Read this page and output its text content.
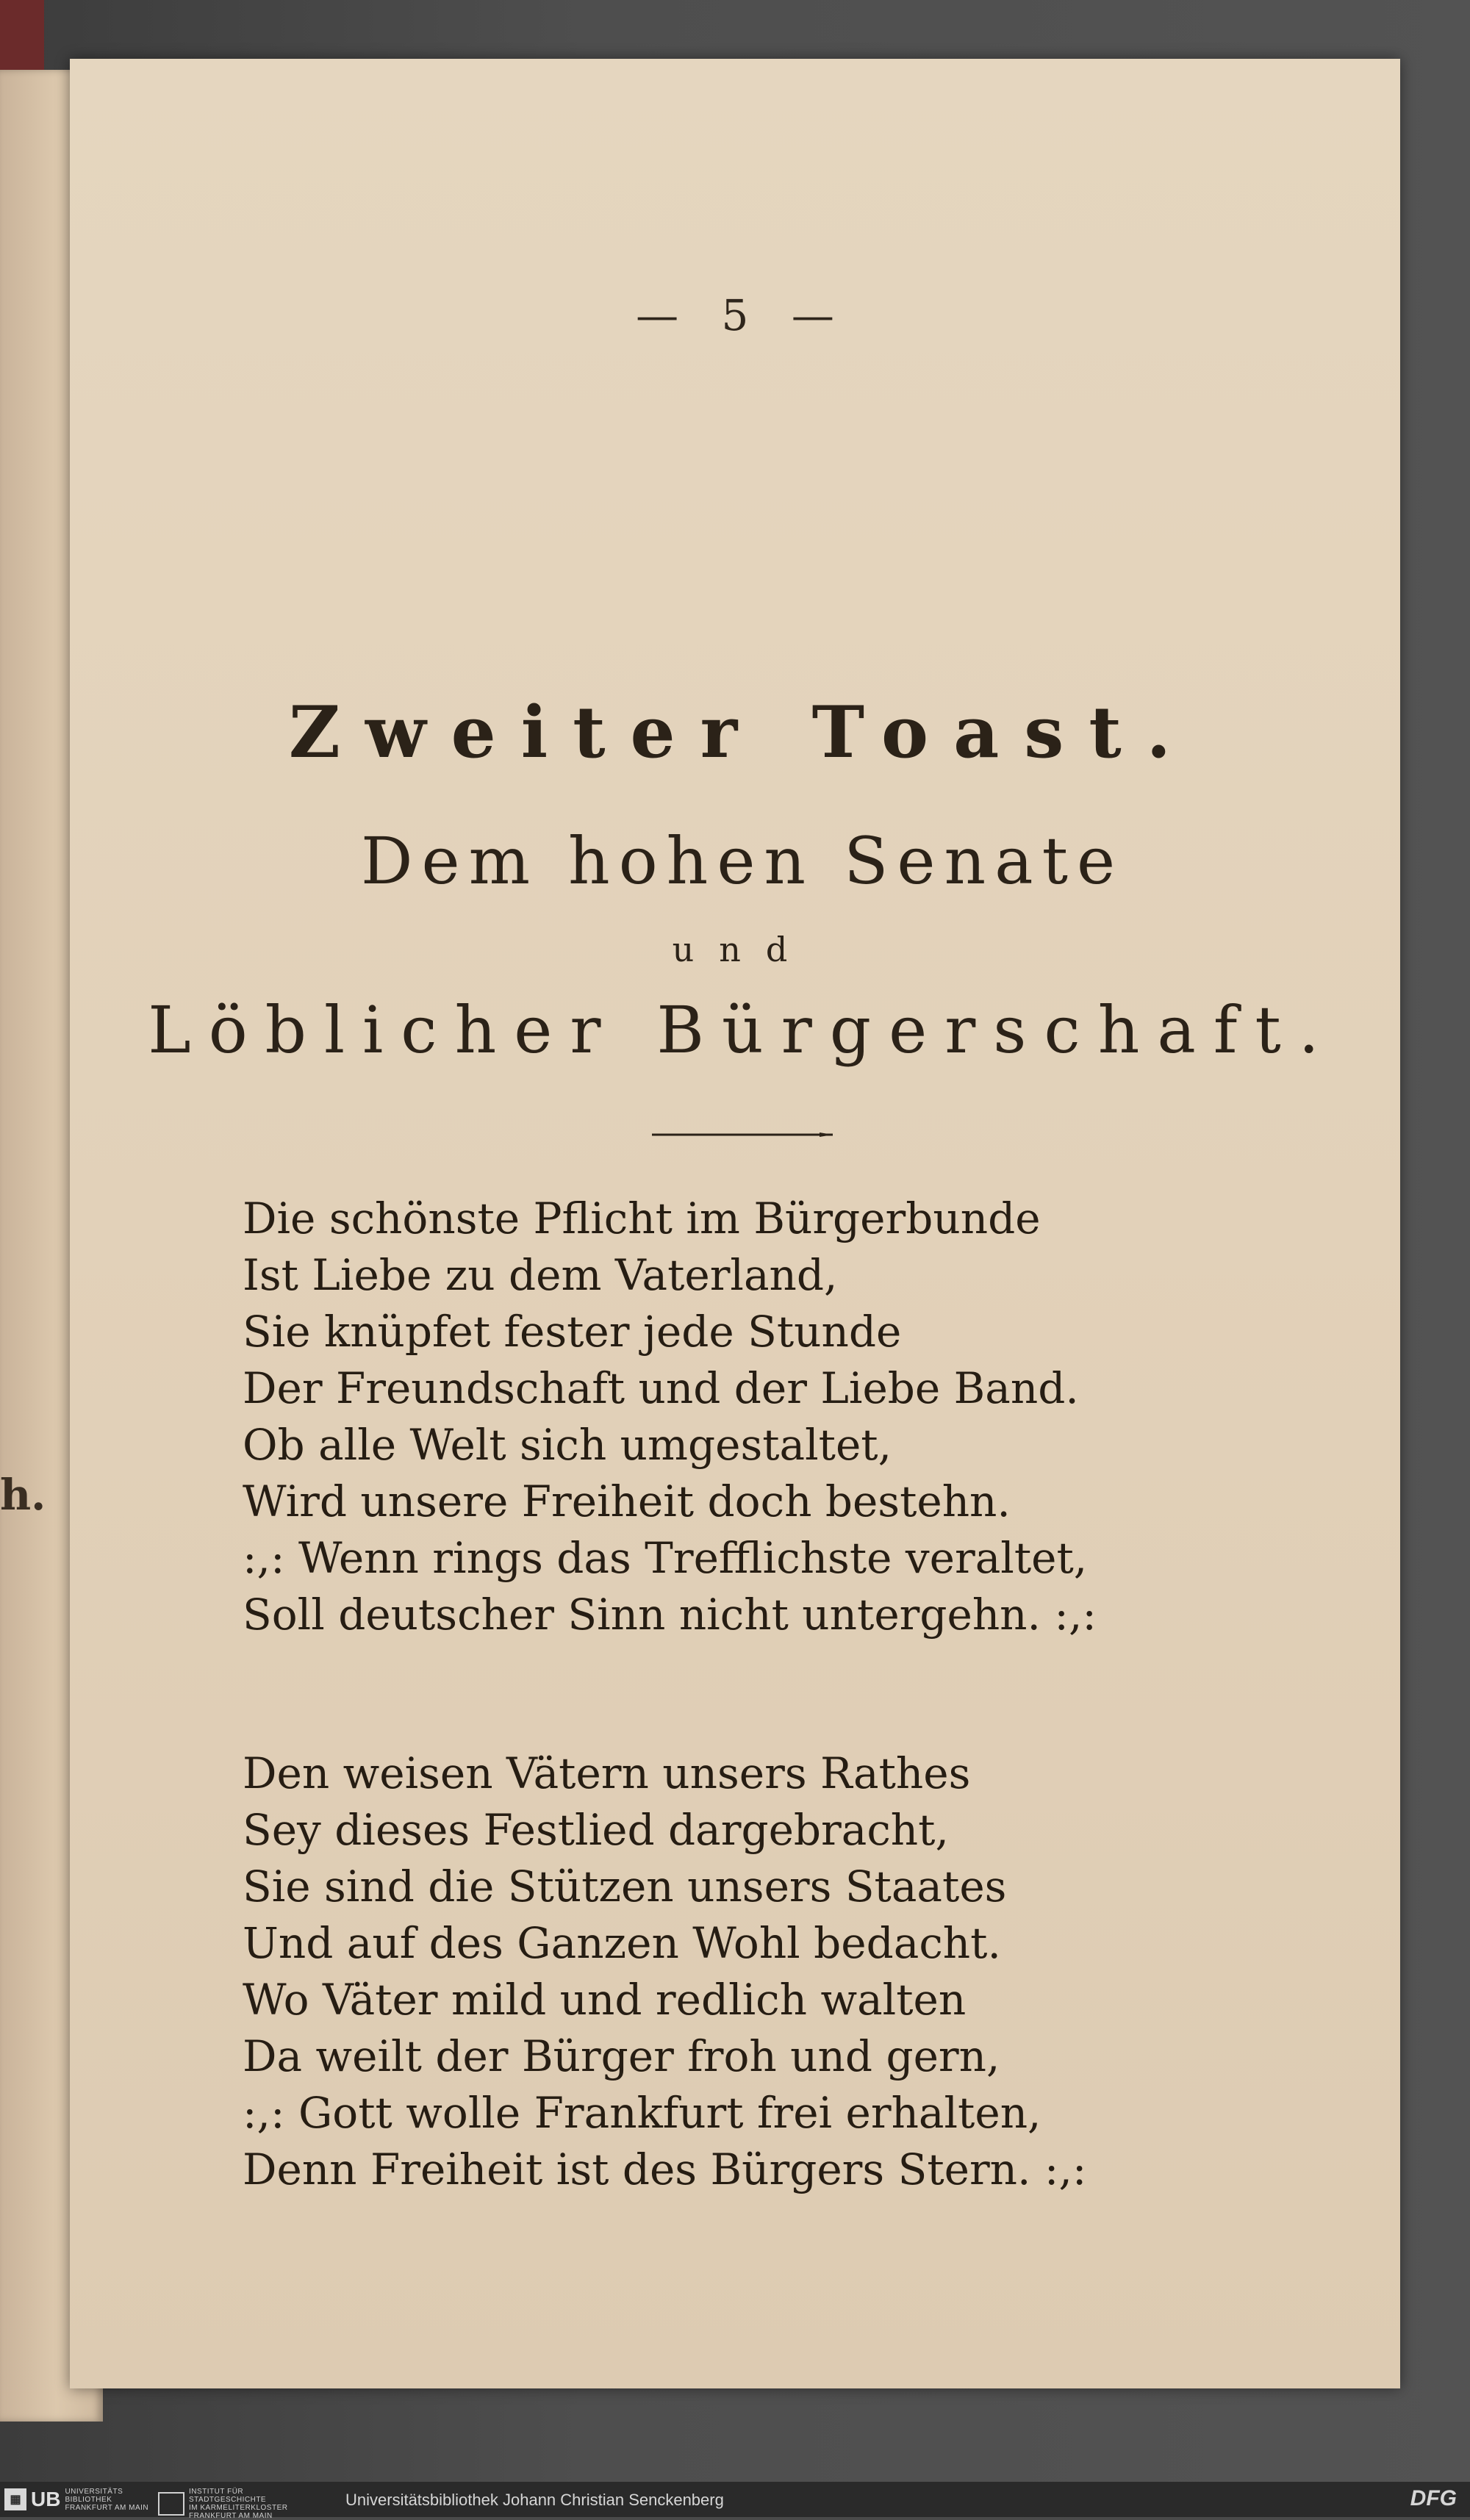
h.
— 5 —
Zweiter Toast.
Dem hohen Senate
und
Löblicher Bürgerschaft.
Die schönste Pflicht im Bürgerbunde
Ist Liebe zu dem Vaterland,
Sie knüpfet fester jede Stunde
Der Freundschaft und der Liebe Band.
Ob alle Welt sich umgestaltet,
Wird unsere Freiheit doch bestehn.
:,: Wenn rings das Trefflichste veraltet,
Soll deutscher Sinn nicht untergehn. :,:
Den weisen Vätern unsers Rathes
Sey dieses Festlied dargebracht,
Sie sind die Stützen unsers Staates
Und auf des Ganzen Wohl bedacht.
Wo Väter mild und redlich walten
Da weilt der Bürger froh und gern,
:,: Gott wolle Frankfurt frei erhalten,
Denn Freiheit ist des Bürgers Stern. :,:
▦ UB UNIVERSITÄTS
BIBLIOTHEK
FRANKFURT AM MAIN
INSTITUT FÜR
STADTGESCHICHTE
IM KARMELITERKLOSTER
FRANKFURT AM MAIN
Universitätsbibliothek Johann Christian Senckenberg	DFG
